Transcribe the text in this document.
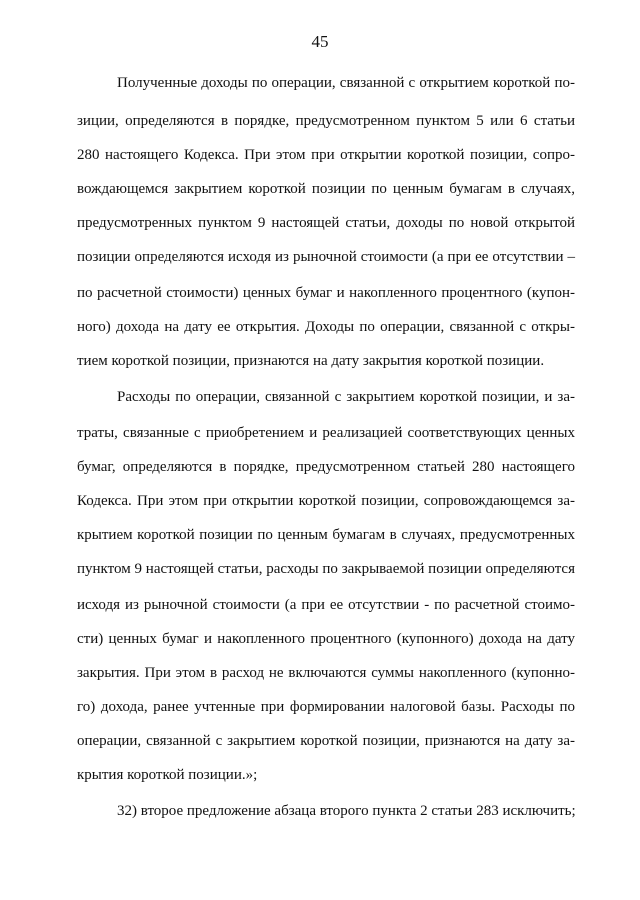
45
Полученные доходы по операции, связанной с открытием короткой по-
зиции, определяются в порядке, предусмотренном пунктом 5 или 6 статьи
280 настоящего Кодекса. При этом при открытии короткой позиции, сопро-
вождающемся закрытием короткой позиции по ценным бумагам в случаях,
предусмотренных пунктом 9 настоящей статьи, доходы по новой открытой
позиции определяются исходя из рыночной стоимости (а при ее отсутствии –
по расчетной стоимости) ценных бумаг и накопленного процентного (купон-
ного) дохода на дату ее открытия. Доходы по операции, связанной с откры-
тием короткой позиции, признаются на дату закрытия короткой позиции.
Расходы по операции, связанной с закрытием короткой позиции, и за-
траты, связанные с приобретением и реализацией соответствующих ценных
бумаг, определяются в порядке, предусмотренном статьей 280 настоящего
Кодекса. При этом при открытии короткой позиции, сопровождающемся за-
крытием короткой позиции по ценным бумагам в случаях, предусмотренных
пунктом 9 настоящей статьи, расходы по закрываемой позиции определяются
исходя из рыночной стоимости (а при ее отсутствии - по расчетной стоимо-
сти) ценных бумаг и накопленного процентного (купонного) дохода на дату
закрытия. При этом в расход не включаются суммы накопленного (купонно-
го) дохода, ранее учтенные при формировании налоговой базы. Расходы по
операции, связанной с закрытием короткой позиции, признаются на дату за-
крытия короткой позиции.»;
32) второе предложение абзаца второго пункта 2 статьи 283 исключить;
